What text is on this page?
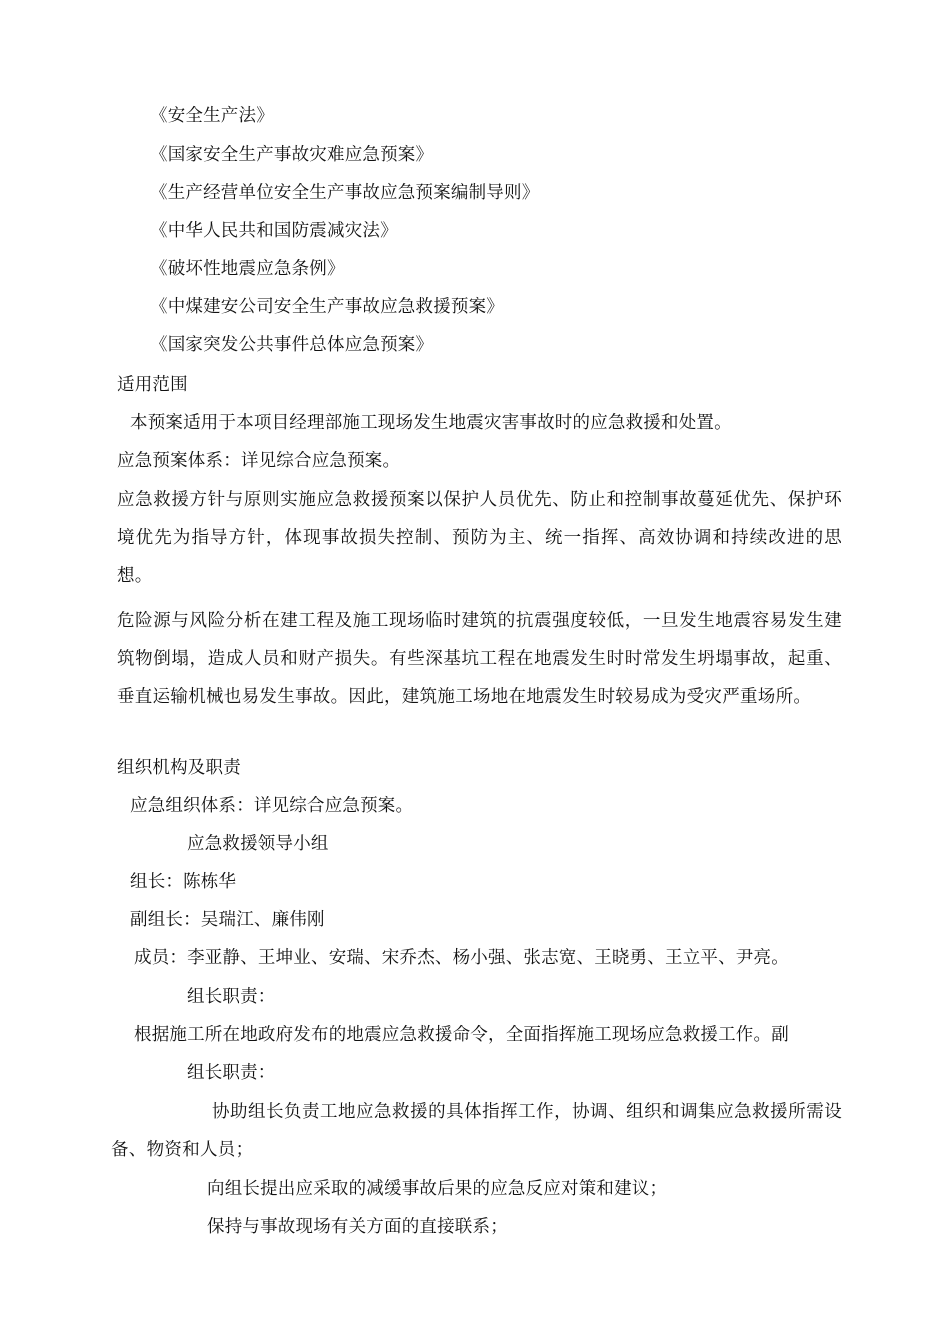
《安全生产法》
《国家安全生产事故灾难应急预案》
《生产经营单位安全生产事故应急预案编制导则》
《中华人民共和国防震减灾法》
《破坏性地震应急条例》
《中煤建安公司安全生产事故应急救援预案》
《国家突发公共事件总体应急预案》
适用范围
本预案适用于本项目经理部施工现场发生地震灾害事故时的应急救援和处置。
应急预案体系：详见综合应急预案。
应急救援方针与原则实施应急救援预案以保护人员优先、防止和控制事故蔓延优先、保护环境优先为指导方针，体现事故损失控制、预防为主、统一指挥、高效协调和持续改进的思想。
危险源与风险分析在建工程及施工现场临时建筑的抗震强度较低，一旦发生地震容易发生建筑物倒塌，造成人员和财产损失。有些深基坑工程在地震发生时时常发生坍塌事故，起重、垂直运输机械也易发生事故。因此，建筑施工场地在地震发生时较易成为受灾严重场所。
组织机构及职责
应急组织体系：详见综合应急预案。
应急救援领导小组
组长：陈栋华
副组长：吴瑞江、廉伟刚
成员：李亚静、王坤业、安瑞、宋乔杰、杨小强、张志宽、王晓勇、王立平、尹亮。
组长职责：
根据施工所在地政府发布的地震应急救援命令，全面指挥施工现场应急救援工作。副
组长职责：
协助组长负责工地应急救援的具体指挥工作，协调、组织和调集应急救援所需设备、物资和人员；
向组长提出应采取的减缓事故后果的应急反应对策和建议；
保持与事故现场有关方面的直接联系；
